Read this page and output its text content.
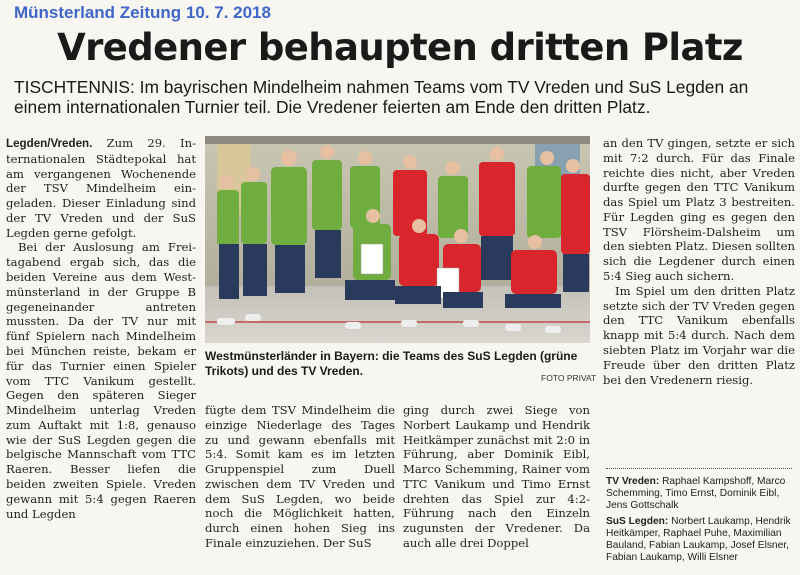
Münsterland Zeitung 10. 7. 2018
Vredener behaupten dritten Platz
TISCHTENNIS: Im bayrischen Mindelheim nahmen Teams vom TV Vreden und SuS Legden an einem internationalen Turnier teil. Die Vredener feierten am Ende den dritten Platz.

Legden/Vreden. Zum 29. Internationalen Städtepokal hat am vergangenen Wochenende der TSV Mindelheim eingeladen. Dieser Einladung sind der TV Vreden und der SuS Legden gerne gefolgt.

Bei der Auslosung am Freitagabend ergab sich, das die beiden Vereine aus dem Westmünsterland in der Gruppe B gegeneinander antreten mussten. Da der TV nur mit fünf Spielern nach Mindelheim bei München reiste, bekam er für das Turnier einen Spieler vom TTC Vanikum gestellt. Gegen den späteren Sieger Mindelheim unterlag Vreden zum Auftakt mit 1:8, genauso wie der SuS Legden gegen die belgische Mannschaft vom TTC Raeren. Besser liefen die beiden zweiten Spiele. Vreden gewann mit 5:4 gegen Raeren und Legden

Westmünsterländer in Bayern: die Teams des SuS Legden (grüne Trikots) und des TV Vreden.	FOTO PRIVAT

fügte dem TSV Mindelheim die einzige Niederlage des Tages zu und gewann ebenfalls mit 5:4. Somit kam es im letzten Gruppenspiel zum Duell zwischen dem TV Vreden und dem SuS Legden, wo beide noch die Möglichkeit hatten, durch einen hohen Sieg ins Finale einzuziehen. Der SuS

ging durch zwei Siege von Norbert Laukamp und Hendrik Heitkämper zunächst mit 2:0 in Führung, aber Dominik Eibl, Marco Schemming, Rainer vom TTC Vanikum und Timo Ernst drehten das Spiel zur 4:2-Führung nach den Einzeln zugunsten der Vredener. Da auch alle drei Doppel

an den TV gingen, setzte er sich mit 7:2 durch. Für das Finale reichte dies nicht, aber Vreden durfte gegen den TTC Vanikum das Spiel um Platz 3 bestreiten. Für Legden ging es gegen den TSV Flörsheim-Dalsheim um den siebten Platz. Diesen sollten sich die Legdener durch einen 5:4 Sieg auch sichern.

Im Spiel um den dritten Platz setzte sich der TV Vreden gegen den TTC Vanikum ebenfalls knapp mit 5:4 durch. Nach dem siebten Platz im Vorjahr war die Freude über den dritten Platz bei den Vredenern riesig.

TV Vreden: Raphael Kampshoff, Marco Schemming, Timo Ernst, Dominik Eibl, Jens Gottschalk

SuS Legden: Norbert Laukamp, Hendrik Heitkämper, Raphael Puhe, Maximilian Bauland, Fabian Laukamp, Josef Elsner, Fabian Laukamp, Willi Elsner
